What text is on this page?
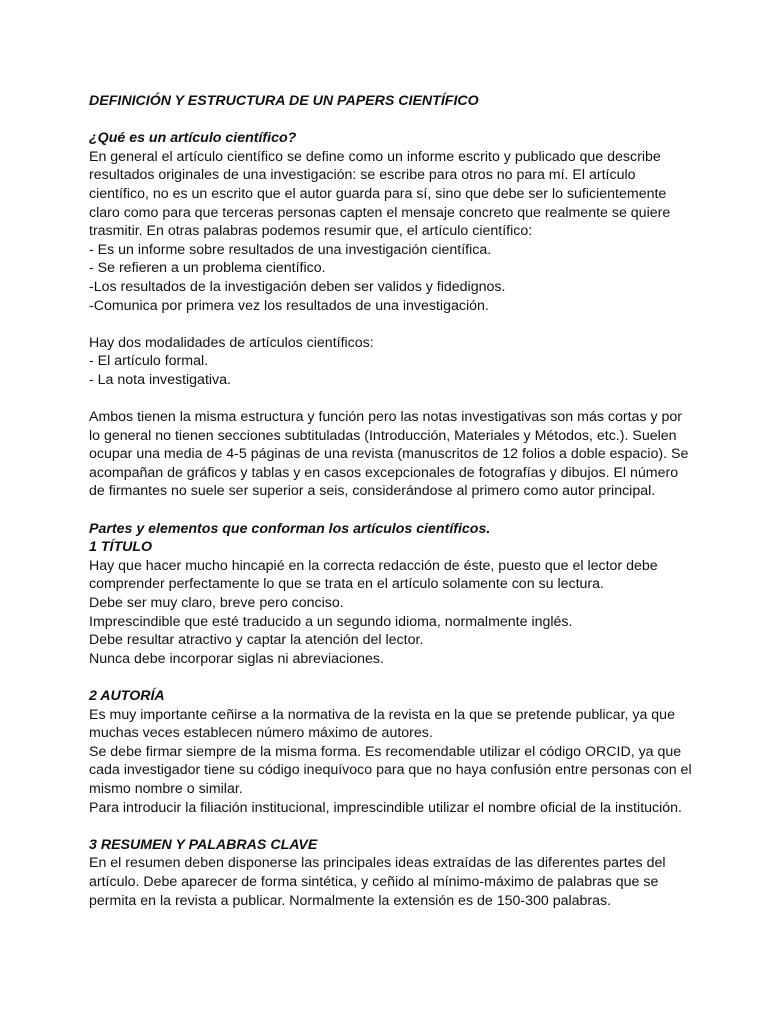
DEFINICIÓN Y ESTRUCTURA DE UN PAPERS CIENTÍFICO

¿Qué es un artículo científico?

En general el artículo científico se define como un informe escrito y publicado que describe
resultados originales de una investigación: se escribe para otros no para mí. El artículo
científico, no es un escrito que el autor guarda para sí, sino que debe ser lo suficientemente
claro como para que terceras personas capten el mensaje concreto que realmente se quiere
trasmitir. En otras palabras podemos resumir que, el artículo científico:
- Es un informe sobre resultados de una investigación científica.
- Se refieren a un problema científico.
-Los resultados de la investigación deben ser validos y fidedignos.
-Comunica por primera vez los resultados de una investigación.

Hay dos modalidades de artículos científicos:
- El artículo formal.
- La nota investigativa.

Ambos tienen la misma estructura y función pero las notas investigativas son más cortas y por
lo general no tienen secciones subtituladas (Introducción, Materiales y Métodos, etc.). Suelen
ocupar una media de 4-5 páginas de una revista (manuscritos de 12 folios a doble espacio). Se
acompañan de gráficos y tablas y en casos excepcionales de fotografías y dibujos. El número
de firmantes no suele ser superior a seis, considerándose al primero como autor principal.

Partes y elementos que conforman los artículos científicos.

1 TÍTULO

Hay que hacer mucho hincapié en la correcta redacción de éste, puesto que el lector debe
comprender perfectamente lo que se trata en el artículo solamente con su lectura.
Debe ser muy claro, breve pero conciso.
Imprescindible que esté traducido a un segundo idioma, normalmente inglés.
Debe resultar atractivo y captar la atención del lector.
Nunca debe incorporar siglas ni abreviaciones.

2 AUTORÍA

Es muy importante ceñirse a la normativa de la revista en la que se pretende publicar, ya que
muchas veces establecen número máximo de autores.
Se debe firmar siempre de la misma forma. Es recomendable utilizar el código ORCID, ya que
cada investigador tiene su código inequívoco para que no haya confusión entre personas con el
mismo nombre o similar.
Para introducir la filiación institucional, imprescindible utilizar el nombre oficial de la institución.

3 RESUMEN Y PALABRAS CLAVE

En el resumen deben disponerse las principales ideas extraídas de las diferentes partes del
artículo. Debe aparecer de forma sintética, y ceñido al mínimo-máximo de palabras que se
permita en la revista a publicar. Normalmente la extensión es de 150-300 palabras.
